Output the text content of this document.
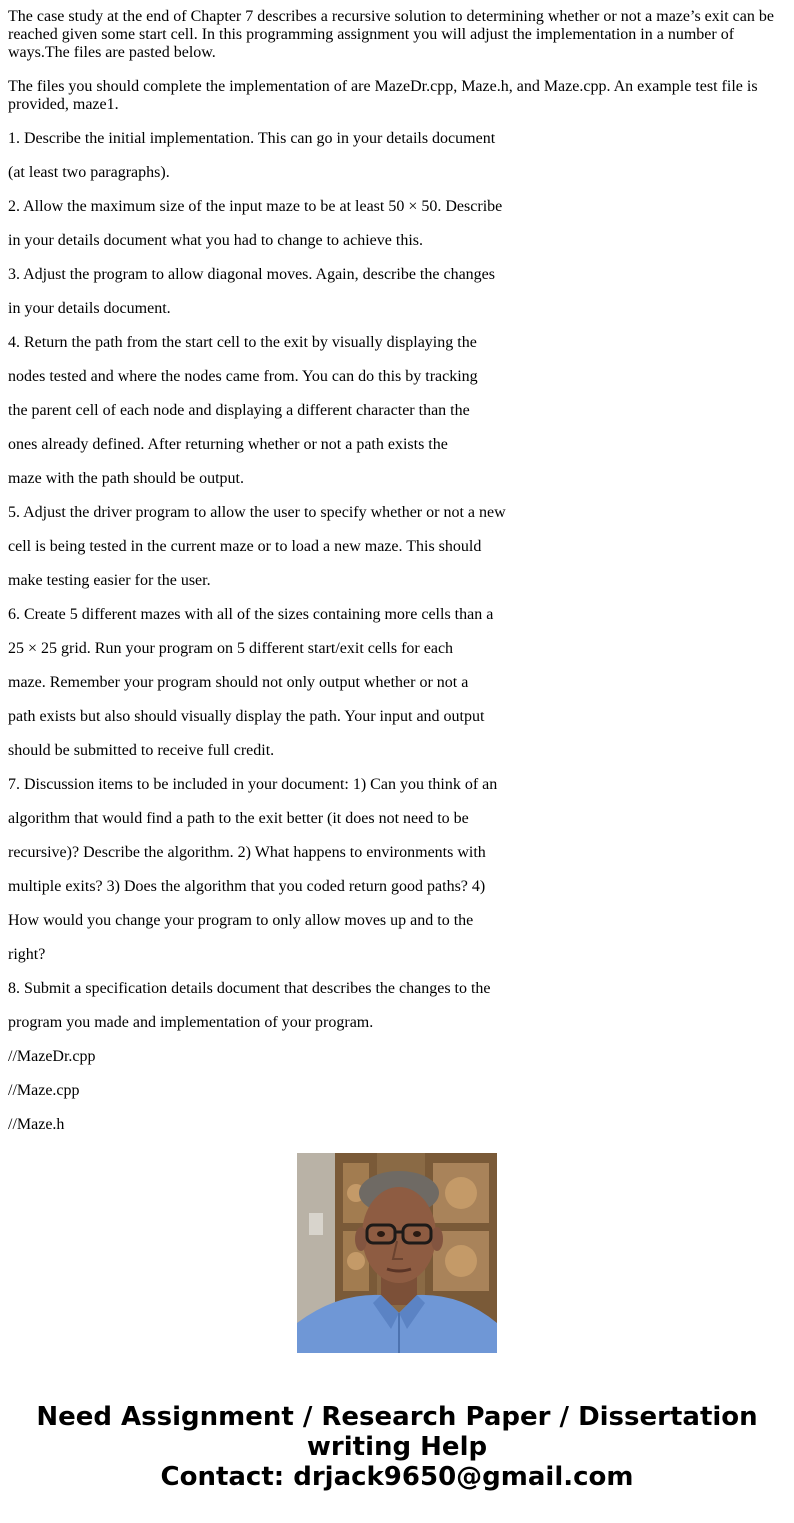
The case study at the end of Chapter 7 describes a recursive solution to determining whether or not a maze’s exit can be reached given some start cell. In this programming assignment you will adjust the implementation in a number of ways.The files are pasted below.

The files you should complete the implementation of are MazeDr.cpp, Maze.h, and Maze.cpp. An example test file is provided, maze1.

1. Describe the initial implementation. This can go in your details document

(at least two paragraphs).

2. Allow the maximum size of the input maze to be at least 50 × 50. Describe

in your details document what you had to change to achieve this.

3. Adjust the program to allow diagonal moves. Again, describe the changes

in your details document.

4. Return the path from the start cell to the exit by visually displaying the

nodes tested and where the nodes came from. You can do this by tracking

the parent cell of each node and displaying a different character than the

ones already defined. After returning whether or not a path exists the

maze with the path should be output.

5. Adjust the driver program to allow the user to specify whether or not a new

cell is being tested in the current maze or to load a new maze. This should

make testing easier for the user.

6. Create 5 different mazes with all of the sizes containing more cells than a

25 × 25 grid. Run your program on 5 different start/exit cells for each

maze. Remember your program should not only output whether or not a

path exists but also should visually display the path. Your input and output

should be submitted to receive full credit.

7. Discussion items to be included in your document: 1) Can you think of an

algorithm that would find a path to the exit better (it does not need to be

recursive)? Describe the algorithm. 2) What happens to environments with

multiple exits? 3) Does the algorithm that you coded return good paths? 4)

How would you change your program to only allow moves up and to the

right?

8. Submit a specification details document that describes the changes to the

program you made and implementation of your program.

//MazeDr.cpp

//Maze.cpp

//Maze.h

Need Assignment / Research Paper / Dissertation
writing Help
Contact: drjack9650@gmail.com
